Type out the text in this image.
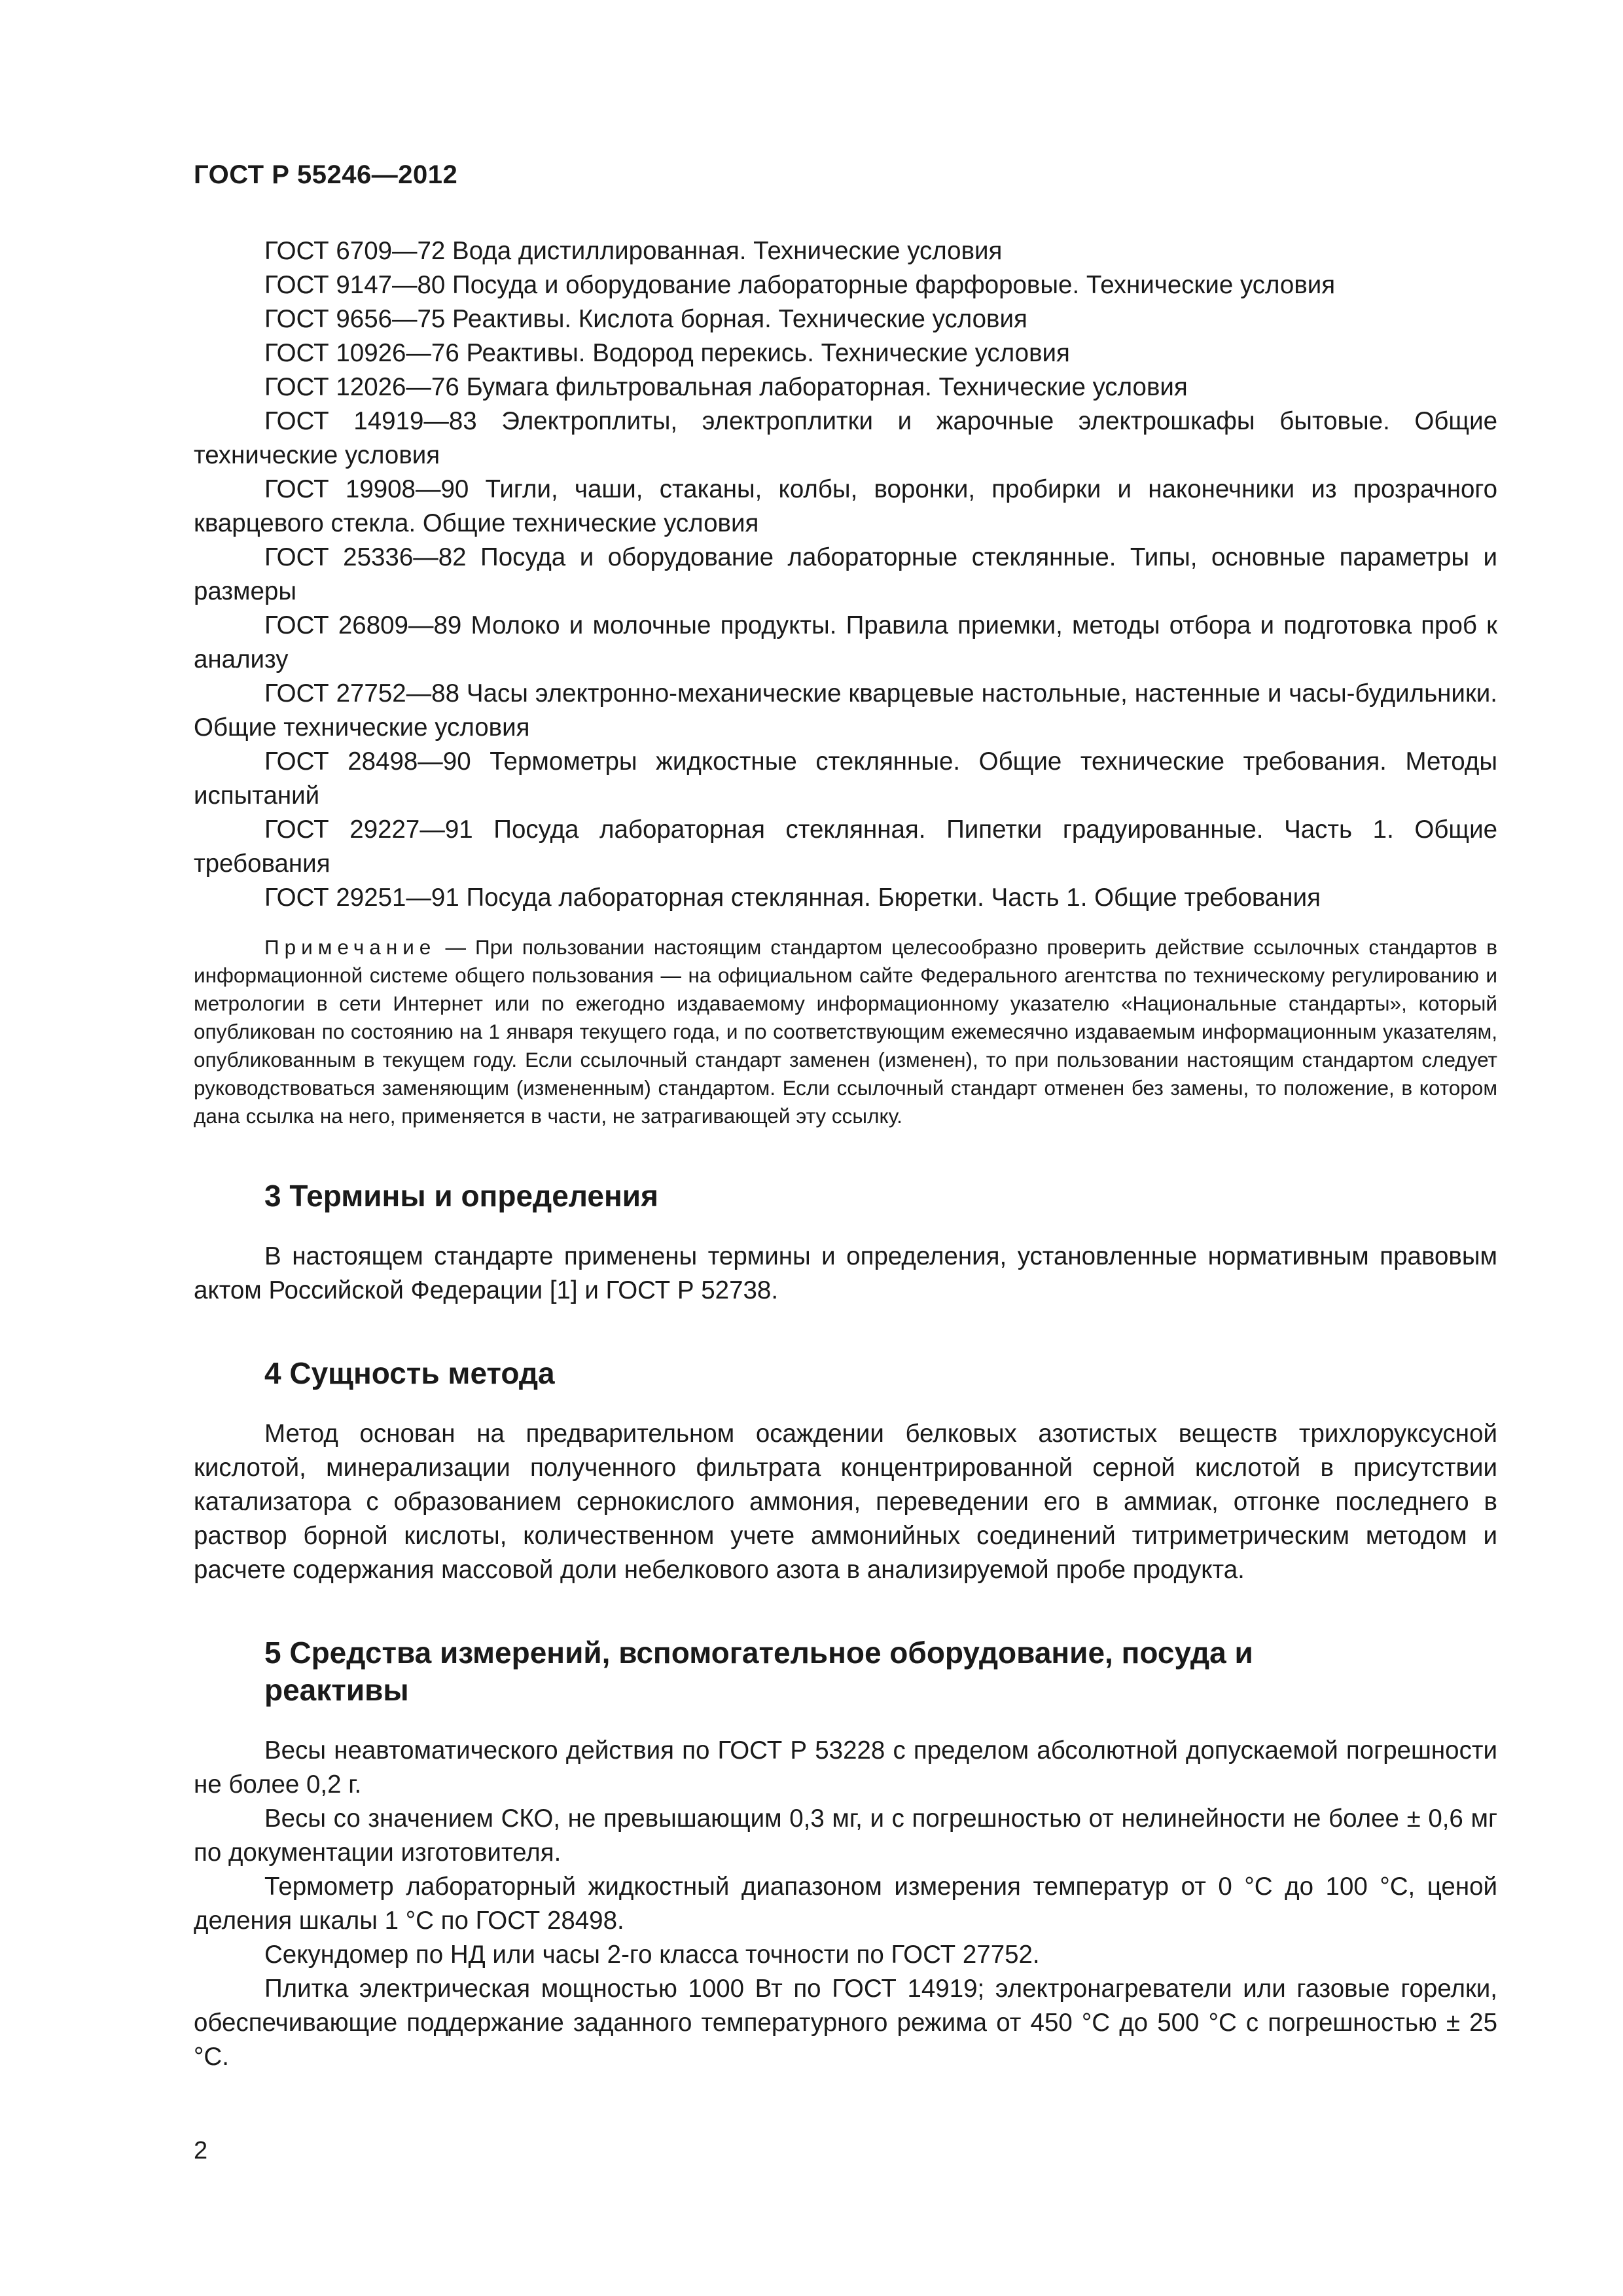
ГОСТ Р 55246—2012

ГОСТ 6709—72 Вода дистиллированная. Технические условия

ГОСТ 9147—80 Посуда и оборудование лабораторные фарфоровые. Технические условия

ГОСТ 9656—75 Реактивы. Кислота борная. Технические условия

ГОСТ 10926—76 Реактивы. Водород перекись. Технические условия

ГОСТ 12026—76 Бумага фильтровальная лабораторная. Технические условия

ГОСТ 14919—83 Электроплиты, электроплитки и жарочные электрошкафы бытовые. Общие технические условия

ГОСТ 19908—90 Тигли, чаши, стаканы, колбы, воронки, пробирки и наконечники из прозрачного кварцевого стекла. Общие технические условия

ГОСТ 25336—82 Посуда и оборудование лабораторные стеклянные. Типы, основные параметры и размеры

ГОСТ 26809—89 Молоко и молочные продукты. Правила приемки, методы отбора и подготовка проб к анализу

ГОСТ 27752—88 Часы электронно-механические кварцевые настольные, настенные и часы-будильники. Общие технические условия

ГОСТ 28498—90 Термометры жидкостные стеклянные. Общие технические требования. Методы испытаний

ГОСТ 29227—91 Посуда лабораторная стеклянная. Пипетки градуированные. Часть 1. Общие требования

ГОСТ 29251—91 Посуда лабораторная стеклянная. Бюретки. Часть 1. Общие требования

Примечание — При пользовании настоящим стандартом целесообразно проверить действие ссылочных стандартов в информационной системе общего пользования — на официальном сайте Федерального агентства по техническому регулированию и метрологии в сети Интернет или по ежегодно издаваемому информационному указателю «Национальные стандарты», который опубликован по состоянию на 1 января текущего года, и по соответствующим ежемесячно издаваемым информационным указателям, опубликованным в текущем году. Если ссылочный стандарт заменен (изменен), то при пользовании настоящим стандартом следует руководствоваться заменяющим (измененным) стандартом. Если ссылочный стандарт отменен без замены, то положение, в котором дана ссылка на него, применяется в части, не затрагивающей эту ссылку.

3 Термины и определения

В настоящем стандарте применены термины и определения, установленные нормативным правовым актом Российской Федерации [1] и ГОСТ Р 52738.

4 Сущность метода

Метод основан на предварительном осаждении белковых азотистых веществ трихлоруксусной кислотой, минерализации полученного фильтрата концентрированной серной кислотой в присутствии катализатора с образованием сернокислого аммония, переведении его в аммиак, отгонке последнего в раствор борной кислоты, количественном учете аммонийных соединений титриметрическим методом и расчете содержания массовой доли небелкового азота в анализируемой пробе продукта.

5 Средства измерений, вспомогательное оборудование, посуда и реактивы

Весы неавтоматического действия по ГОСТ Р 53228 с пределом абсолютной допускаемой погрешности не более 0,2 г.

Весы со значением СКО, не превышающим 0,3 мг, и с погрешностью от нелинейности не более ± 0,6 мг по документации изготовителя.

Термометр лабораторный жидкостный диапазоном измерения температур от 0 °С до 100 °С, ценой деления шкалы 1 °С по ГОСТ 28498.

Секундомер по НД или часы 2-го класса точности по ГОСТ 27752.

Плитка электрическая мощностью 1000 Вт по ГОСТ 14919; электронагреватели или газовые горелки, обеспечивающие поддержание заданного температурного режима от 450 °С до 500 °С с погрешностью ± 25 °С.

2
